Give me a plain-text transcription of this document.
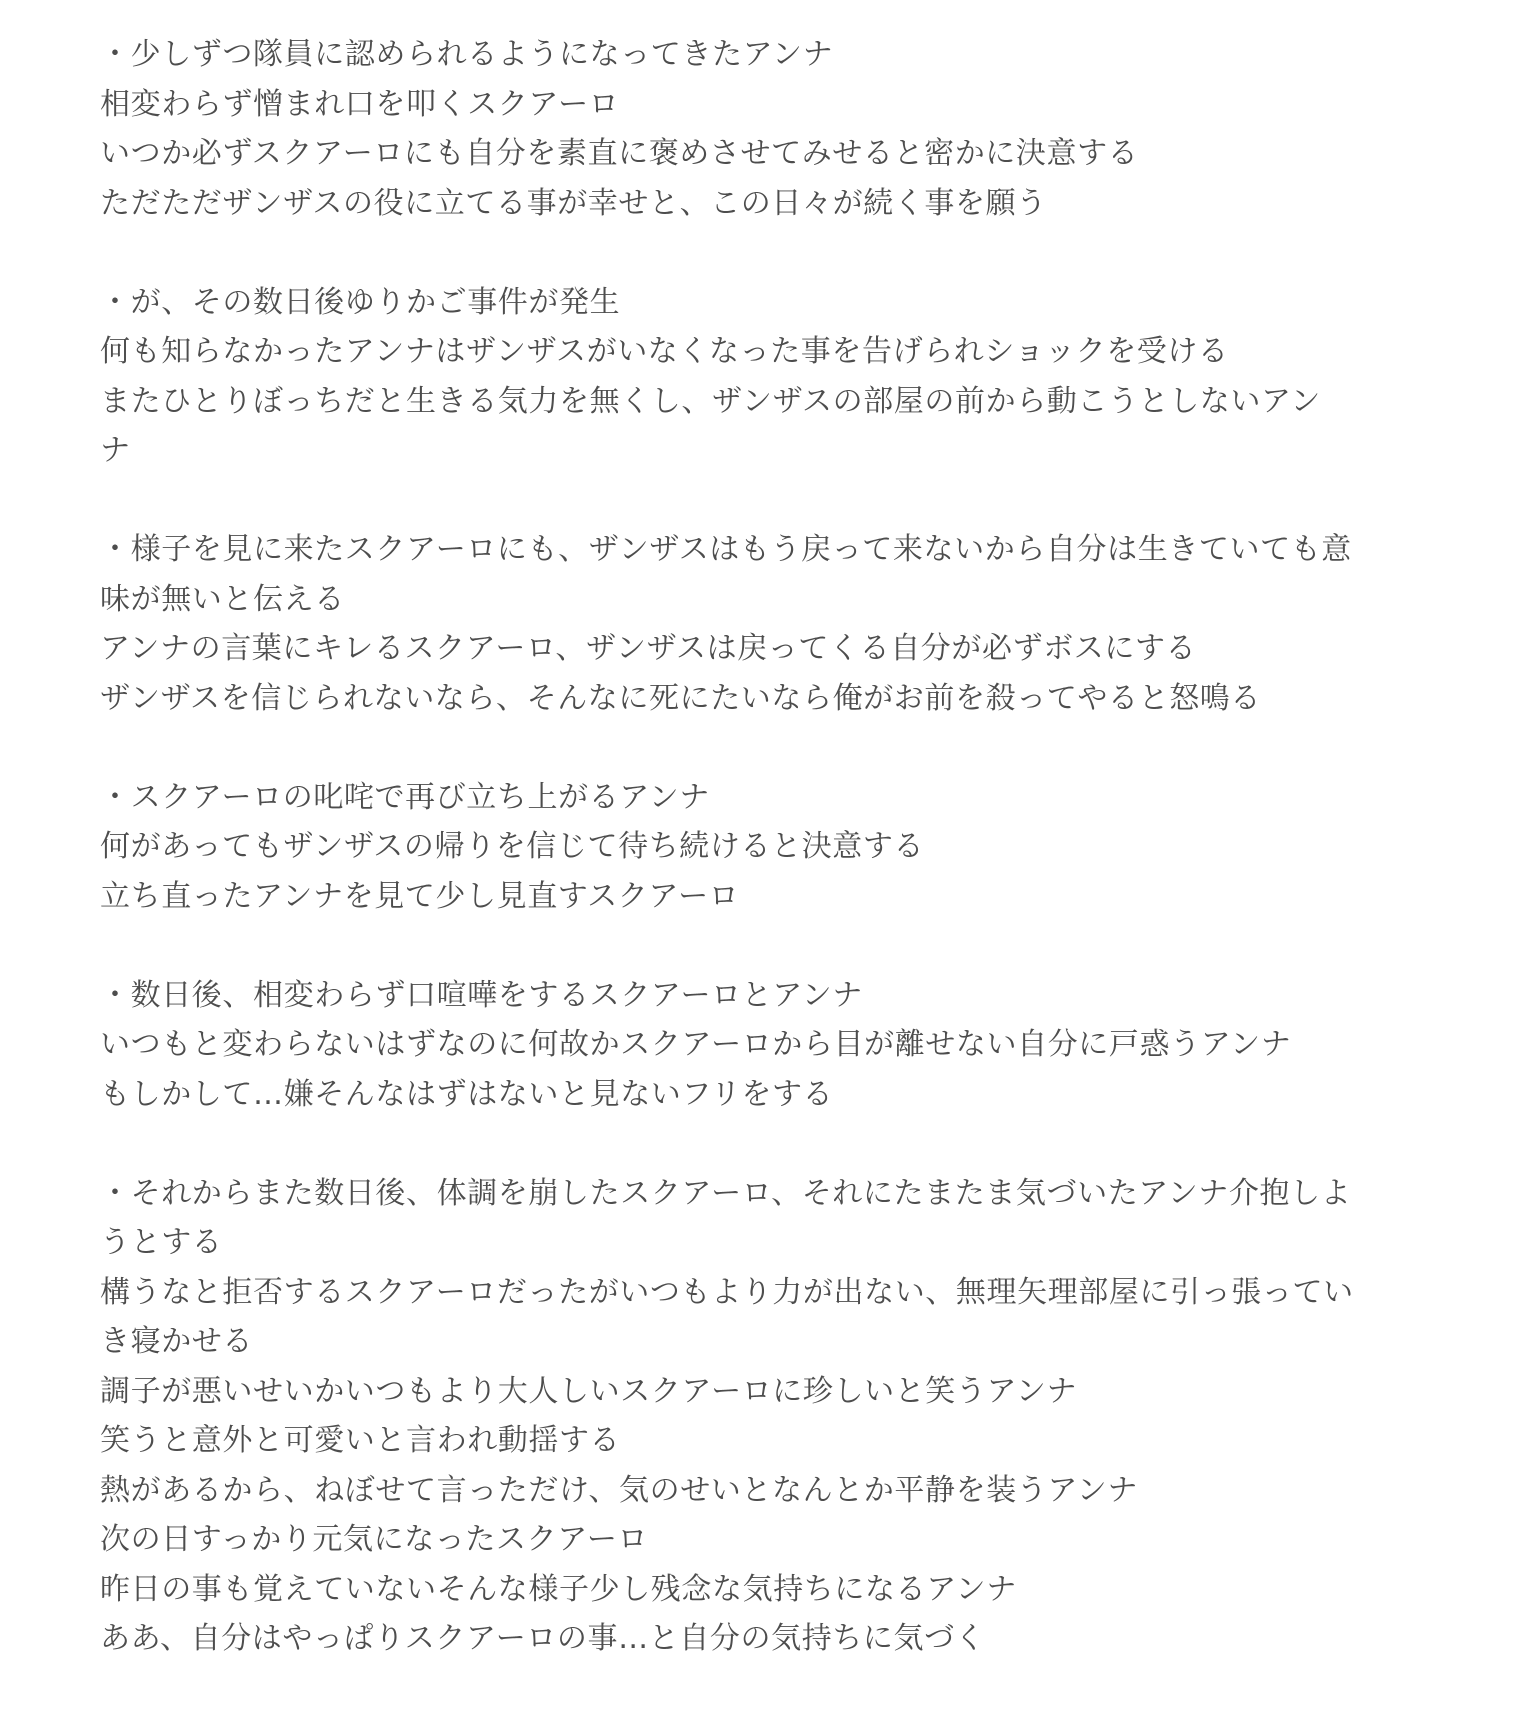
・少しずつ隊員に認められるようになってきたアンナ
相変わらず憎まれ口を叩くスクアーロ
いつか必ずスクアーロにも自分を素直に褒めさせてみせると密かに決意する
ただただザンザスの役に立てる事が幸せと、この日々が続く事を願う
・が、その数日後ゆりかご事件が発生
何も知らなかったアンナはザンザスがいなくなった事を告げられショックを受ける
またひとりぼっちだと生きる気力を無くし、ザンザスの部屋の前から動こうとしないアン
ナ
・様子を見に来たスクアーロにも、ザンザスはもう戻って来ないから自分は生きていても意
味が無いと伝える
アンナの言葉にキレるスクアーロ、ザンザスは戻ってくる自分が必ずボスにする
ザンザスを信じられないなら、そんなに死にたいなら俺がお前を殺ってやると怒鳴る
・スクアーロの叱咤で再び立ち上がるアンナ
何があってもザンザスの帰りを信じて待ち続けると決意する
立ち直ったアンナを見て少し見直すスクアーロ
・数日後、相変わらず口喧嘩をするスクアーロとアンナ
いつもと変わらないはずなのに何故かスクアーロから目が離せない自分に戸惑うアンナ
もしかして…嫌そんなはずはないと見ないフリをする
・それからまた数日後、体調を崩したスクアーロ、それにたまたま気づいたアンナ介抱しよ
うとする
構うなと拒否するスクアーロだったがいつもより力が出ない、無理矢理部屋に引っ張ってい
き寝かせる
調子が悪いせいかいつもより大人しいスクアーロに珍しいと笑うアンナ
笑うと意外と可愛いと言われ動揺する
熱があるから、ねぼせて言っただけ、気のせいとなんとか平静を装うアンナ
次の日すっかり元気になったスクアーロ
昨日の事も覚えていないそんな様子少し残念な気持ちになるアンナ
ああ、自分はやっぱりスクアーロの事…と自分の気持ちに気づく
